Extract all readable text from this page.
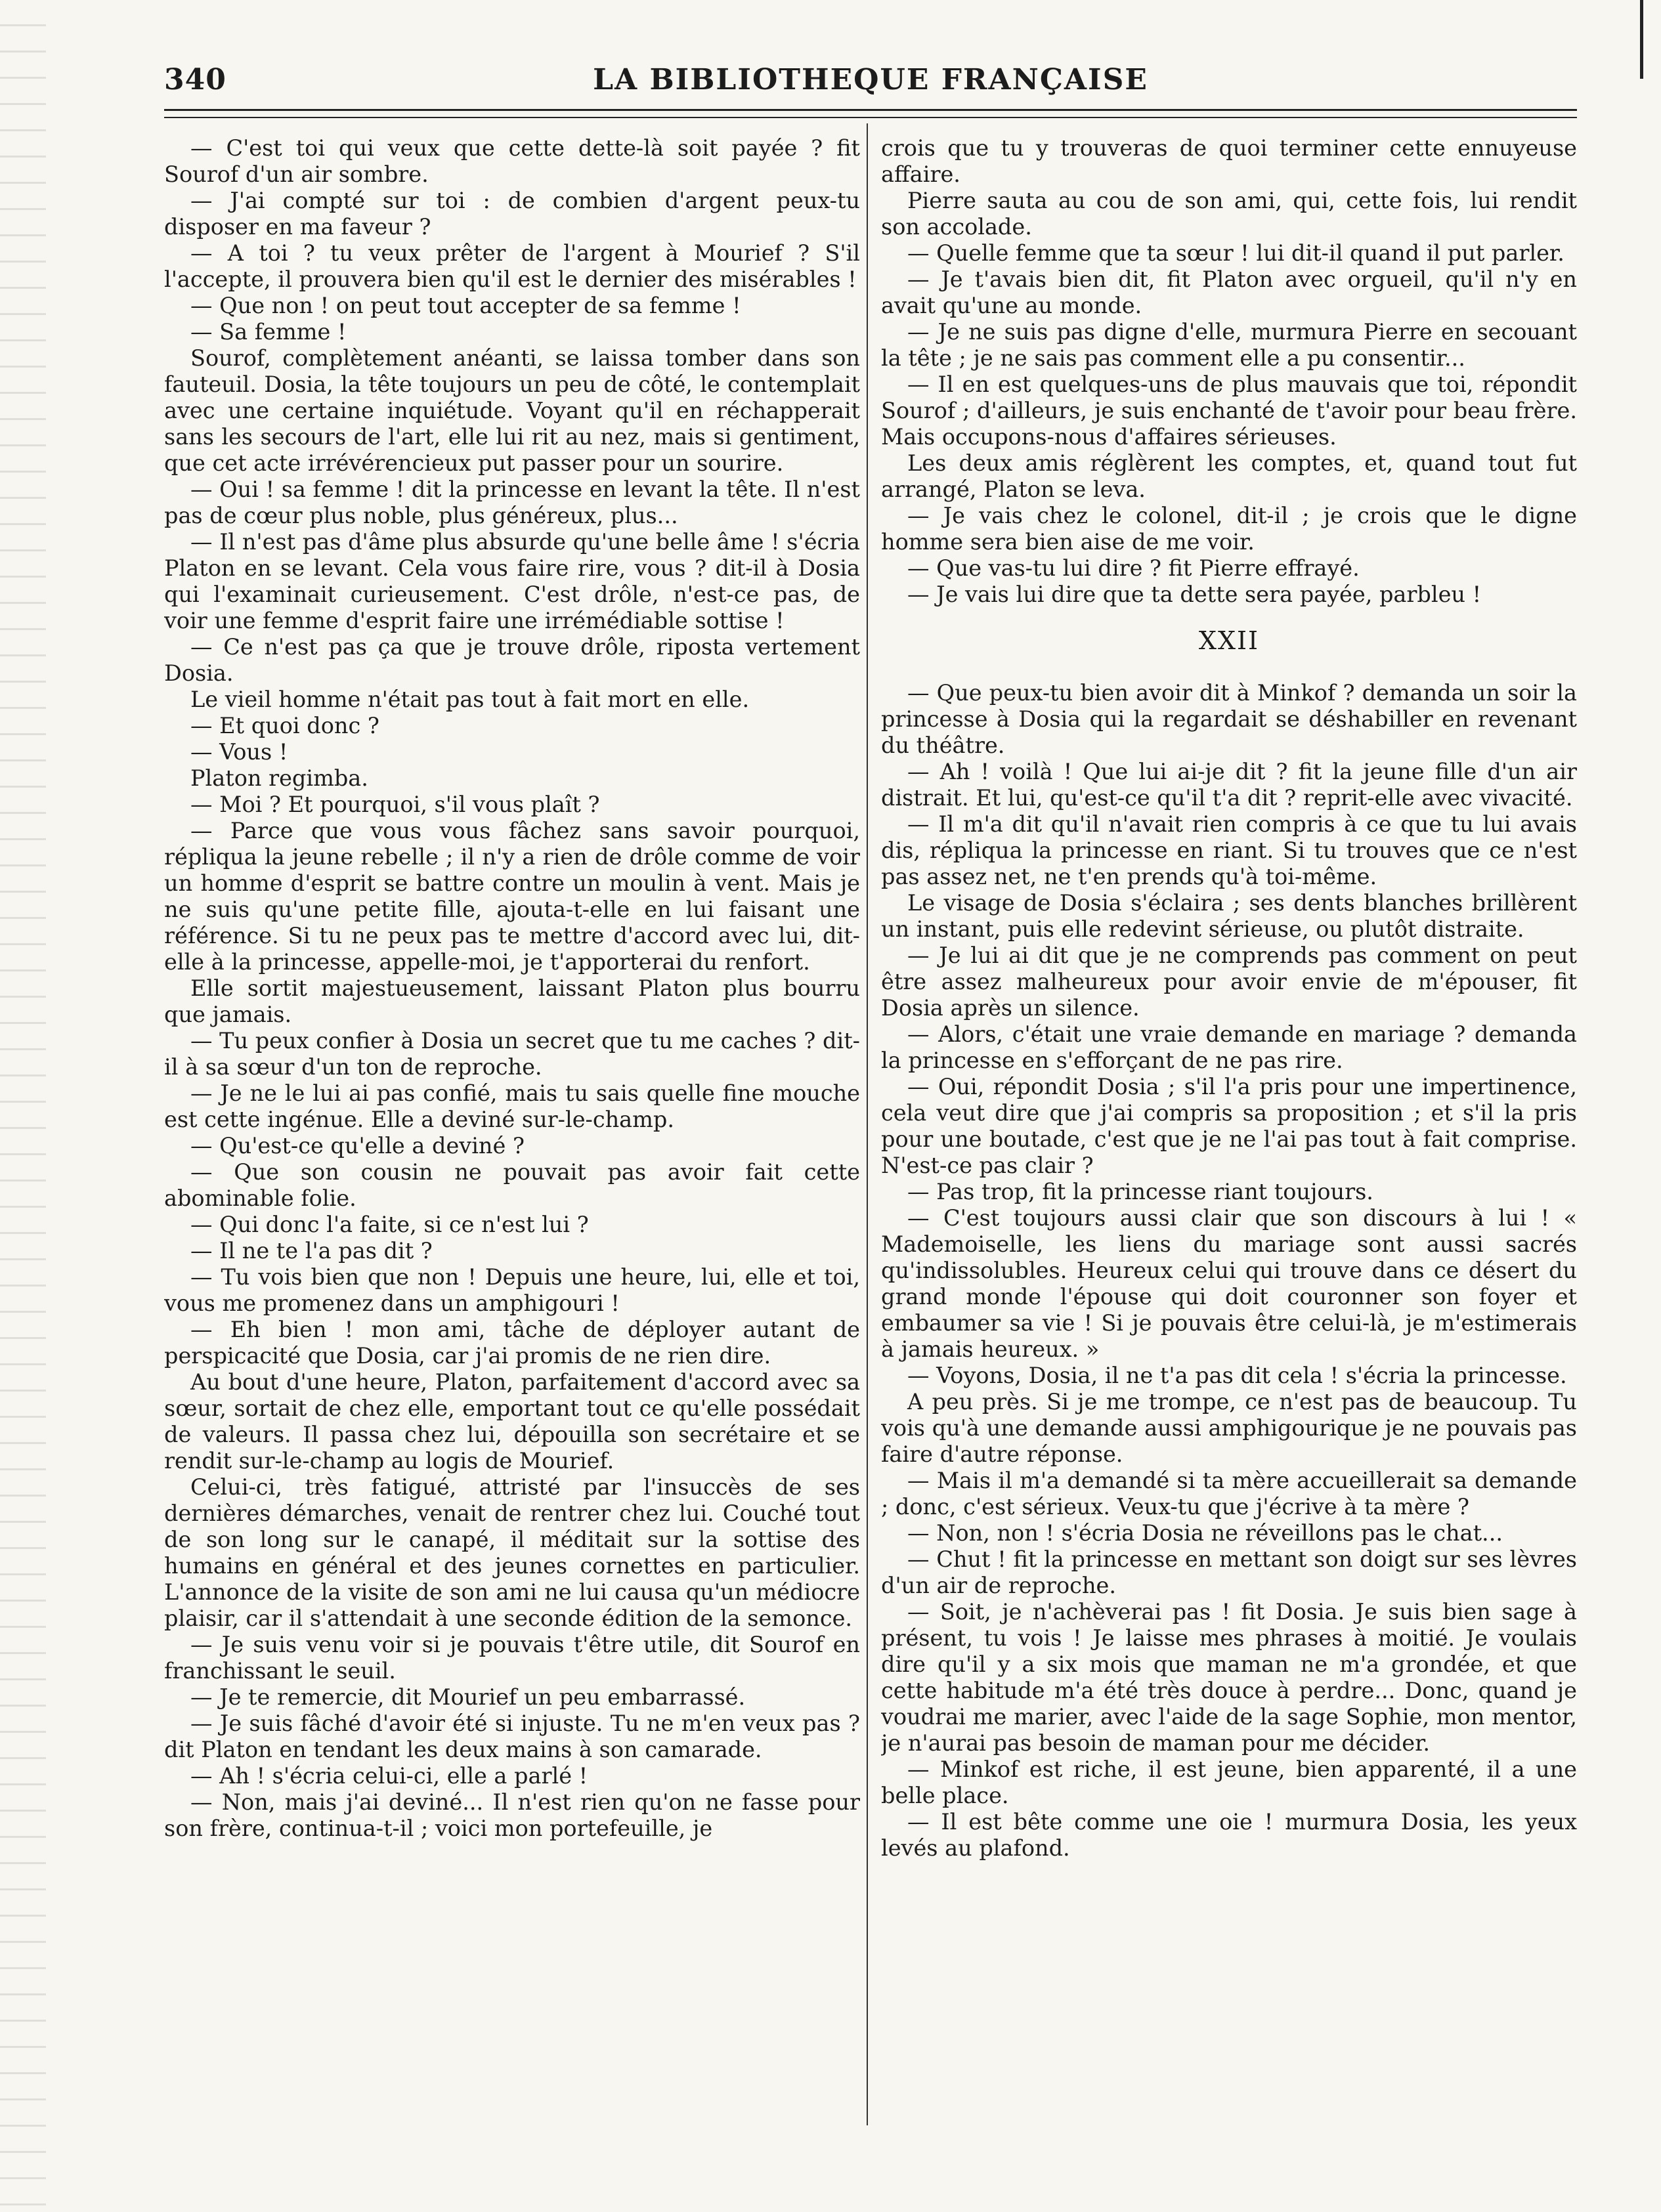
340	LA BIBLIOTHEQUE FRANÇAISE

— C'est toi qui veux que cette dette-là soit payée ? fit Sourof d'un air sombre.

— J'ai compté sur toi : de combien d'argent peux-tu disposer en ma faveur ?

— A toi ? tu veux prêter de l'argent à Mourief ? S'il l'accepte, il prouvera bien qu'il est le dernier des misérables !

— Que non ! on peut tout accepter de sa femme !

— Sa femme !

Sourof, complètement anéanti, se laissa tomber dans son fauteuil. Dosia, la tête toujours un peu de côté, le contemplait avec une certaine inquiétude. Voyant qu'il en réchapperait sans les secours de l'art, elle lui rit au nez, mais si gentiment, que cet acte irrévérencieux put passer pour un sourire.

— Oui ! sa femme ! dit la princesse en levant la tête. Il n'est pas de cœur plus noble, plus généreux, plus...

— Il n'est pas d'âme plus absurde qu'une belle âme ! s'écria Platon en se levant. Cela vous faire rire, vous ? dit-il à Dosia qui l'examinait curieusement. C'est drôle, n'est-ce pas, de voir une femme d'esprit faire une irrémédiable sottise !

— Ce n'est pas ça que je trouve drôle, riposta vertement Dosia.

Le vieil homme n'était pas tout à fait mort en elle.

— Et quoi donc ?

— Vous !

Platon regimba.

— Moi ? Et pourquoi, s'il vous plaît ?

— Parce que vous vous fâchez sans savoir pourquoi, répliqua la jeune rebelle ; il n'y a rien de drôle comme de voir un homme d'esprit se battre contre un moulin à vent. Mais je ne suis qu'une petite fille, ajouta-t-elle en lui faisant une référence. Si tu ne peux pas te mettre d'accord avec lui, dit-elle à la princesse, appelle-moi, je t'apporterai du renfort.

Elle sortit majestueusement, laissant Platon plus bourru que jamais.

— Tu peux confier à Dosia un secret que tu me caches ? dit-il à sa sœur d'un ton de reproche.

— Je ne le lui ai pas confié, mais tu sais quelle fine mouche est cette ingénue. Elle a deviné sur-le-champ.

— Qu'est-ce qu'elle a deviné ?

— Que son cousin ne pouvait pas avoir fait cette abominable folie.

— Qui donc l'a faite, si ce n'est lui ?

— Il ne te l'a pas dit ?

— Tu vois bien que non ! Depuis une heure, lui, elle et toi, vous me promenez dans un amphigouri !

— Eh bien ! mon ami, tâche de déployer autant de perspicacité que Dosia, car j'ai promis de ne rien dire.

Au bout d'une heure, Platon, parfaitement d'accord avec sa sœur, sortait de chez elle, emportant tout ce qu'elle possédait de valeurs. Il passa chez lui, dépouilla son secrétaire et se rendit sur-le-champ au logis de Mourief.

Celui-ci, très fatigué, attristé par l'insuccès de ses dernières démarches, venait de rentrer chez lui. Couché tout de son long sur le canapé, il méditait sur la sottise des humains en général et des jeunes cornettes en particulier. L'annonce de la visite de son ami ne lui causa qu'un médiocre plaisir, car il s'attendait à une seconde édition de la semonce.

— Je suis venu voir si je pouvais t'être utile, dit Sourof en franchissant le seuil.

— Je te remercie, dit Mourief un peu embarrassé.

— Je suis fâché d'avoir été si injuste. Tu ne m'en veux pas ? dit Platon en tendant les deux mains à son camarade.

— Ah ! s'écria celui-ci, elle a parlé !

— Non, mais j'ai deviné... Il n'est rien qu'on ne fasse pour son frère, continua-t-il ; voici mon portefeuille, je

crois que tu y trouveras de quoi terminer cette ennuyeuse affaire.

Pierre sauta au cou de son ami, qui, cette fois, lui rendit son accolade.

— Quelle femme que ta sœur ! lui dit-il quand il put parler.

— Je t'avais bien dit, fit Platon avec orgueil, qu'il n'y en avait qu'une au monde.

— Je ne suis pas digne d'elle, murmura Pierre en secouant la tête ; je ne sais pas comment elle a pu consentir...

— Il en est quelques-uns de plus mauvais que toi, répondit Sourof ; d'ailleurs, je suis enchanté de t'avoir pour beau frère. Mais occupons-nous d'affaires sérieuses.

Les deux amis réglèrent les comptes, et, quand tout fut arrangé, Platon se leva.

— Je vais chez le colonel, dit-il ; je crois que le digne homme sera bien aise de me voir.

— Que vas-tu lui dire ? fit Pierre effrayé.

— Je vais lui dire que ta dette sera payée, parbleu !

XXII

— Que peux-tu bien avoir dit à Minkof ? demanda un soir la princesse à Dosia qui la regardait se déshabiller en revenant du théâtre.

— Ah ! voilà ! Que lui ai-je dit ? fit la jeune fille d'un air distrait. Et lui, qu'est-ce qu'il t'a dit ? reprit-elle avec vivacité.

— Il m'a dit qu'il n'avait rien compris à ce que tu lui avais dis, répliqua la princesse en riant. Si tu trouves que ce n'est pas assez net, ne t'en prends qu'à toi-même.

Le visage de Dosia s'éclaira ; ses dents blanches brillèrent un instant, puis elle redevint sérieuse, ou plutôt distraite.

— Je lui ai dit que je ne comprends pas comment on peut être assez malheureux pour avoir envie de m'épouser, fit Dosia après un silence.

— Alors, c'était une vraie demande en mariage ? demanda la princesse en s'efforçant de ne pas rire.

— Oui, répondit Dosia ; s'il l'a pris pour une impertinence, cela veut dire que j'ai compris sa proposition ; et s'il la pris pour une boutade, c'est que je ne l'ai pas tout à fait comprise. N'est-ce pas clair ?

— Pas trop, fit la princesse riant toujours.

— C'est toujours aussi clair que son discours à lui ! « Mademoiselle, les liens du mariage sont aussi sacrés qu'indissolubles. Heureux celui qui trouve dans ce désert du grand monde l'épouse qui doit couronner son foyer et embaumer sa vie ! Si je pouvais être celui-là, je m'estimerais à jamais heureux. »

— Voyons, Dosia, il ne t'a pas dit cela ! s'écria la princesse.

A peu près. Si je me trompe, ce n'est pas de beaucoup. Tu vois qu'à une demande aussi amphigourique je ne pouvais pas faire d'autre réponse.

— Mais il m'a demandé si ta mère accueillerait sa demande ; donc, c'est sérieux. Veux-tu que j'écrive à ta mère ?

— Non, non ! s'écria Dosia ne réveillons pas le chat...

— Chut ! fit la princesse en mettant son doigt sur ses lèvres d'un air de reproche.

— Soit, je n'achèverai pas ! fit Dosia. Je suis bien sage à présent, tu vois ! Je laisse mes phrases à moitié. Je voulais dire qu'il y a six mois que maman ne m'a grondée, et que cette habitude m'a été très douce à perdre... Donc, quand je voudrai me marier, avec l'aide de la sage Sophie, mon mentor, je n'aurai pas besoin de maman pour me décider.

— Minkof est riche, il est jeune, bien apparenté, il a une belle place.

— Il est bête comme une oie ! murmura Dosia, les yeux levés au plafond.
